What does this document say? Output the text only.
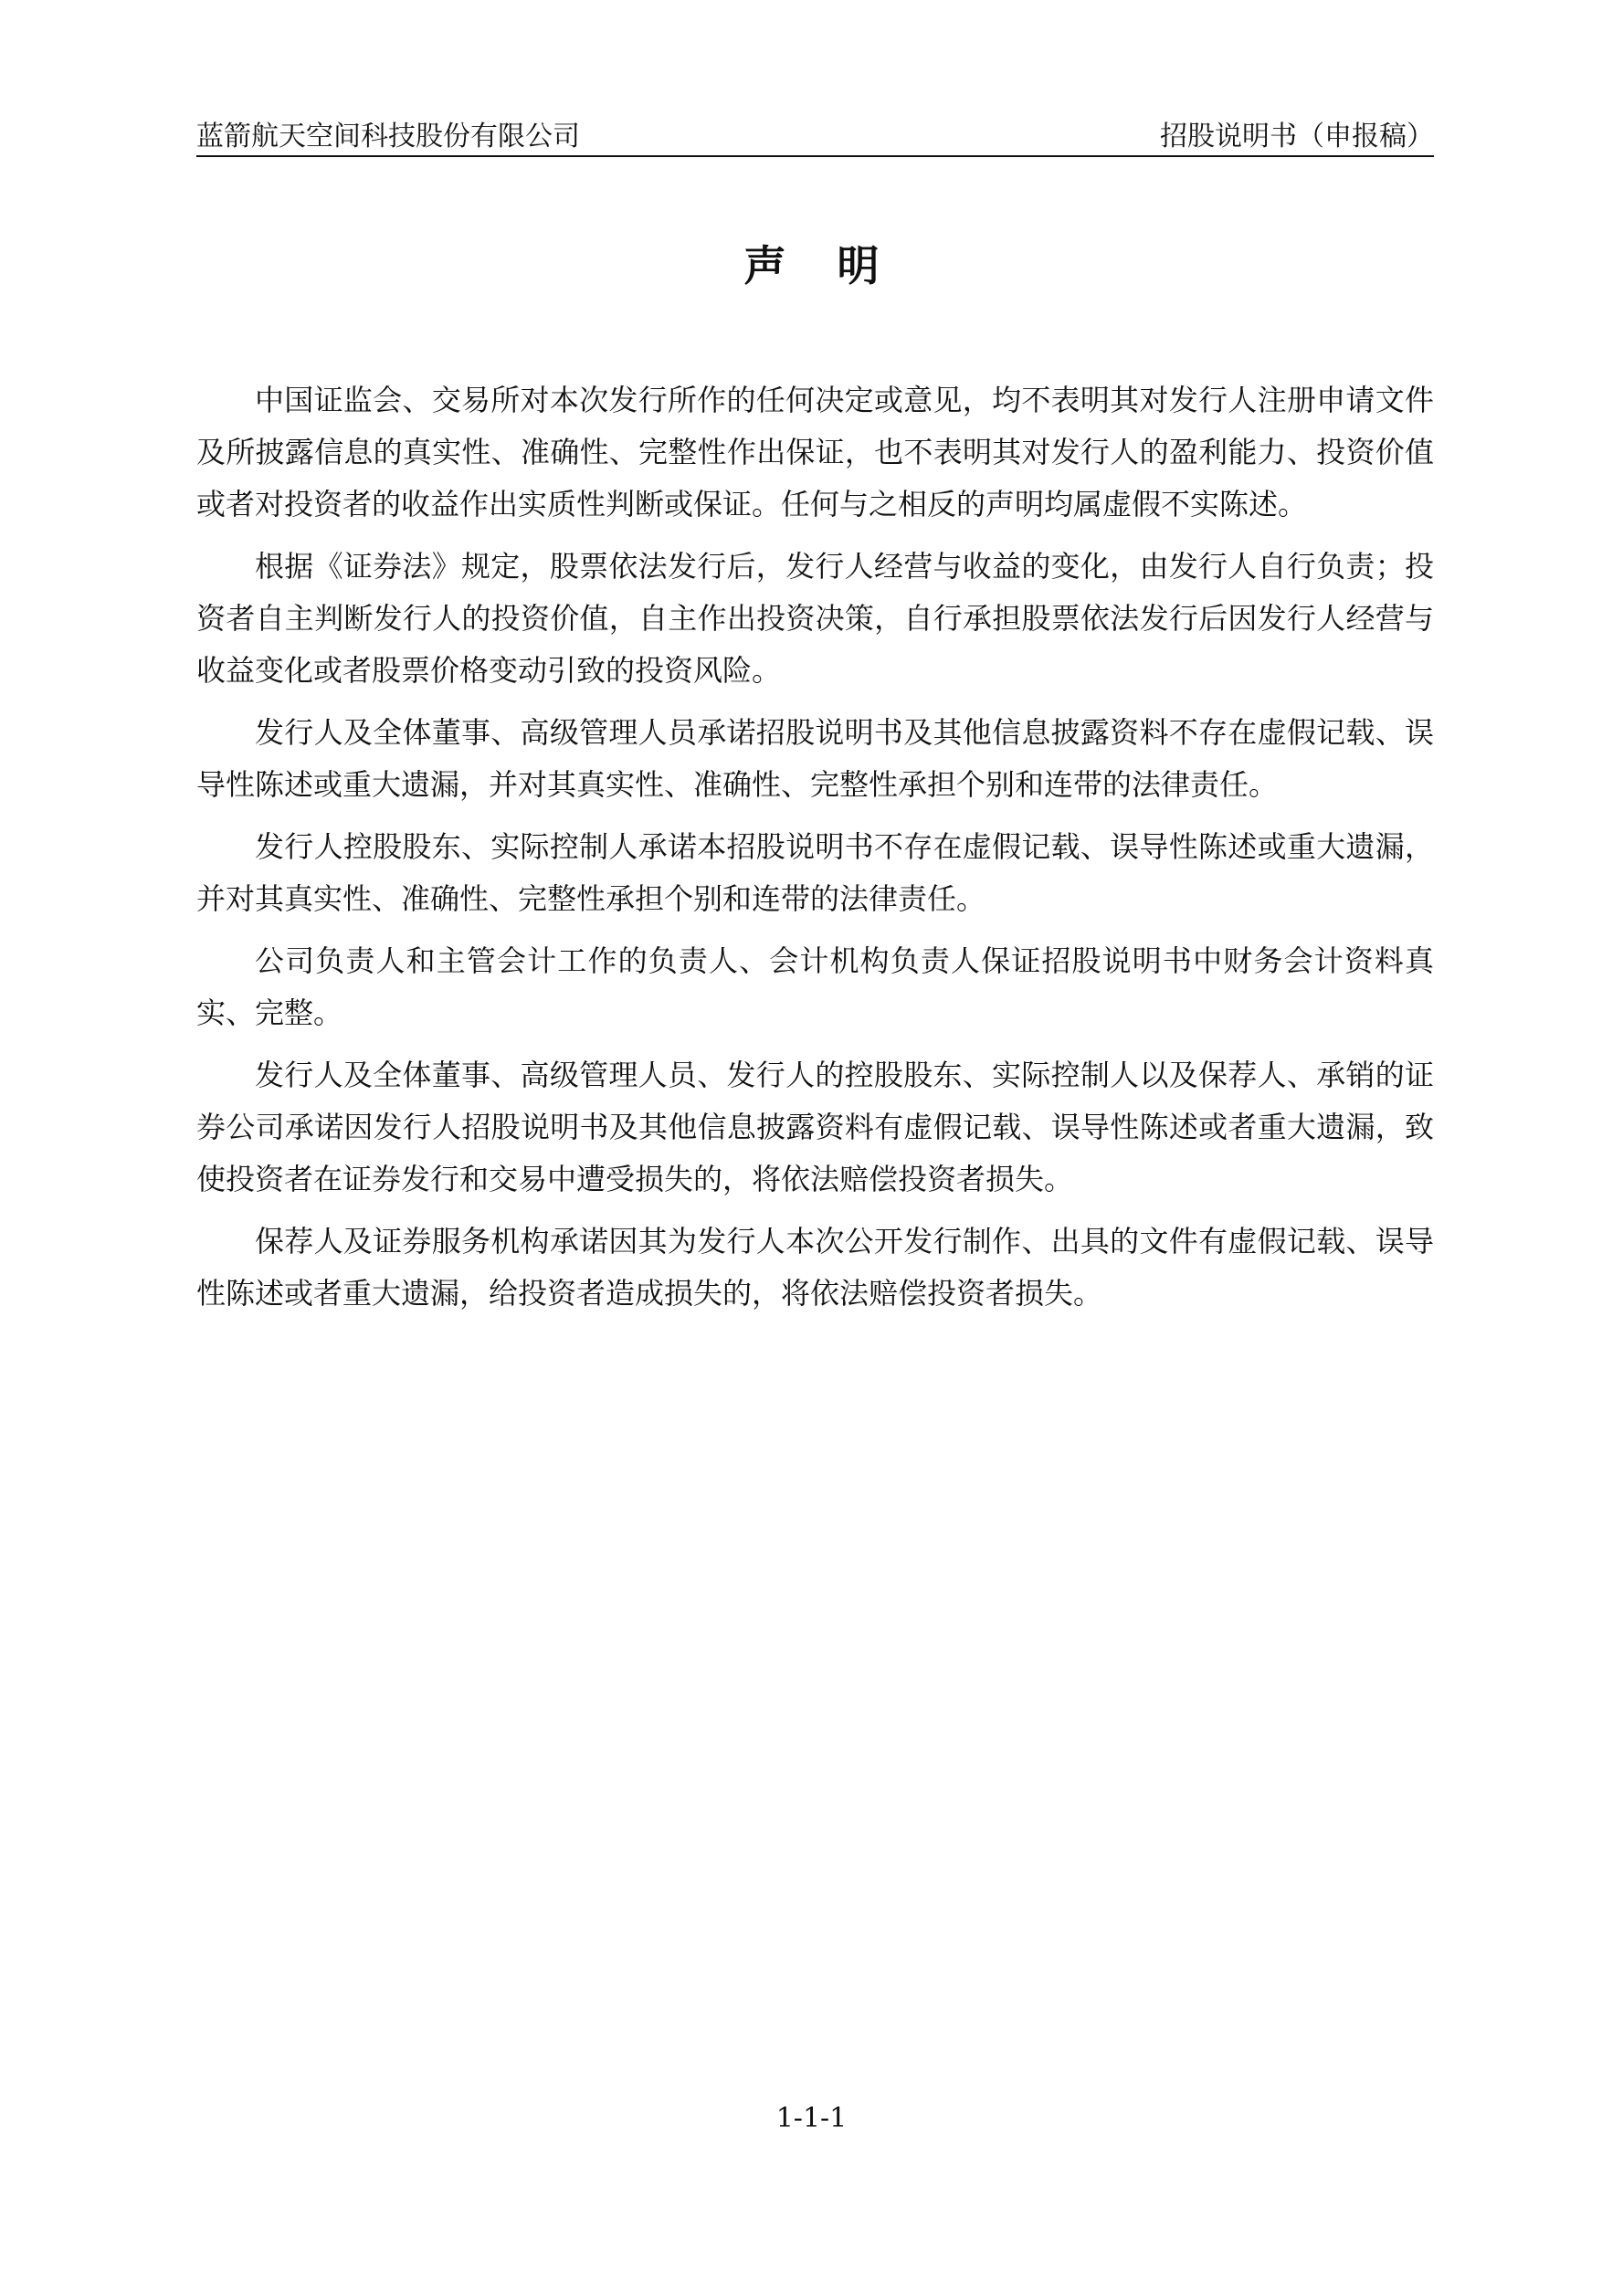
蓝箭航天空间科技股份有限公司	招股说明书（申报稿）
声明

中国证监会、交易所对本次发行所作的任何决定或意见，均不表明其对发行人注册申请文件及所披露信息的真实性、准确性、完整性作出保证，也不表明其对发行人的盈利能力、投资价值或者对投资者的收益作出实质性判断或保证。任何与之相反的声明均属虚假不实陈述。

根据《证券法》规定，股票依法发行后，发行人经营与收益的变化，由发行人自行负责；投资者自主判断发行人的投资价值，自主作出投资决策，自行承担股票依法发行后因发行人经营与收益变化或者股票价格变动引致的投资风险。

发行人及全体董事、高级管理人员承诺招股说明书及其他信息披露资料不存在虚假记载、误导性陈述或重大遗漏，并对其真实性、准确性、完整性承担个别和连带的法律责任。

发行人控股股东、实际控制人承诺本招股说明书不存在虚假记载、误导性陈述或重大遗漏，并对其真实性、准确性、完整性承担个别和连带的法律责任。

公司负责人和主管会计工作的负责人、会计机构负责人保证招股说明书中财务会计资料真实、完整。

发行人及全体董事、高级管理人员、发行人的控股股东、实际控制人以及保荐人、承销的证券公司承诺因发行人招股说明书及其他信息披露资料有虚假记载、误导性陈述或者重大遗漏，致使投资者在证券发行和交易中遭受损失的，将依法赔偿投资者损失。

保荐人及证券服务机构承诺因其为发行人本次公开发行制作、出具的文件有虚假记载、误导性陈述或者重大遗漏，给投资者造成损失的，将依法赔偿投资者损失。

1-1-1
